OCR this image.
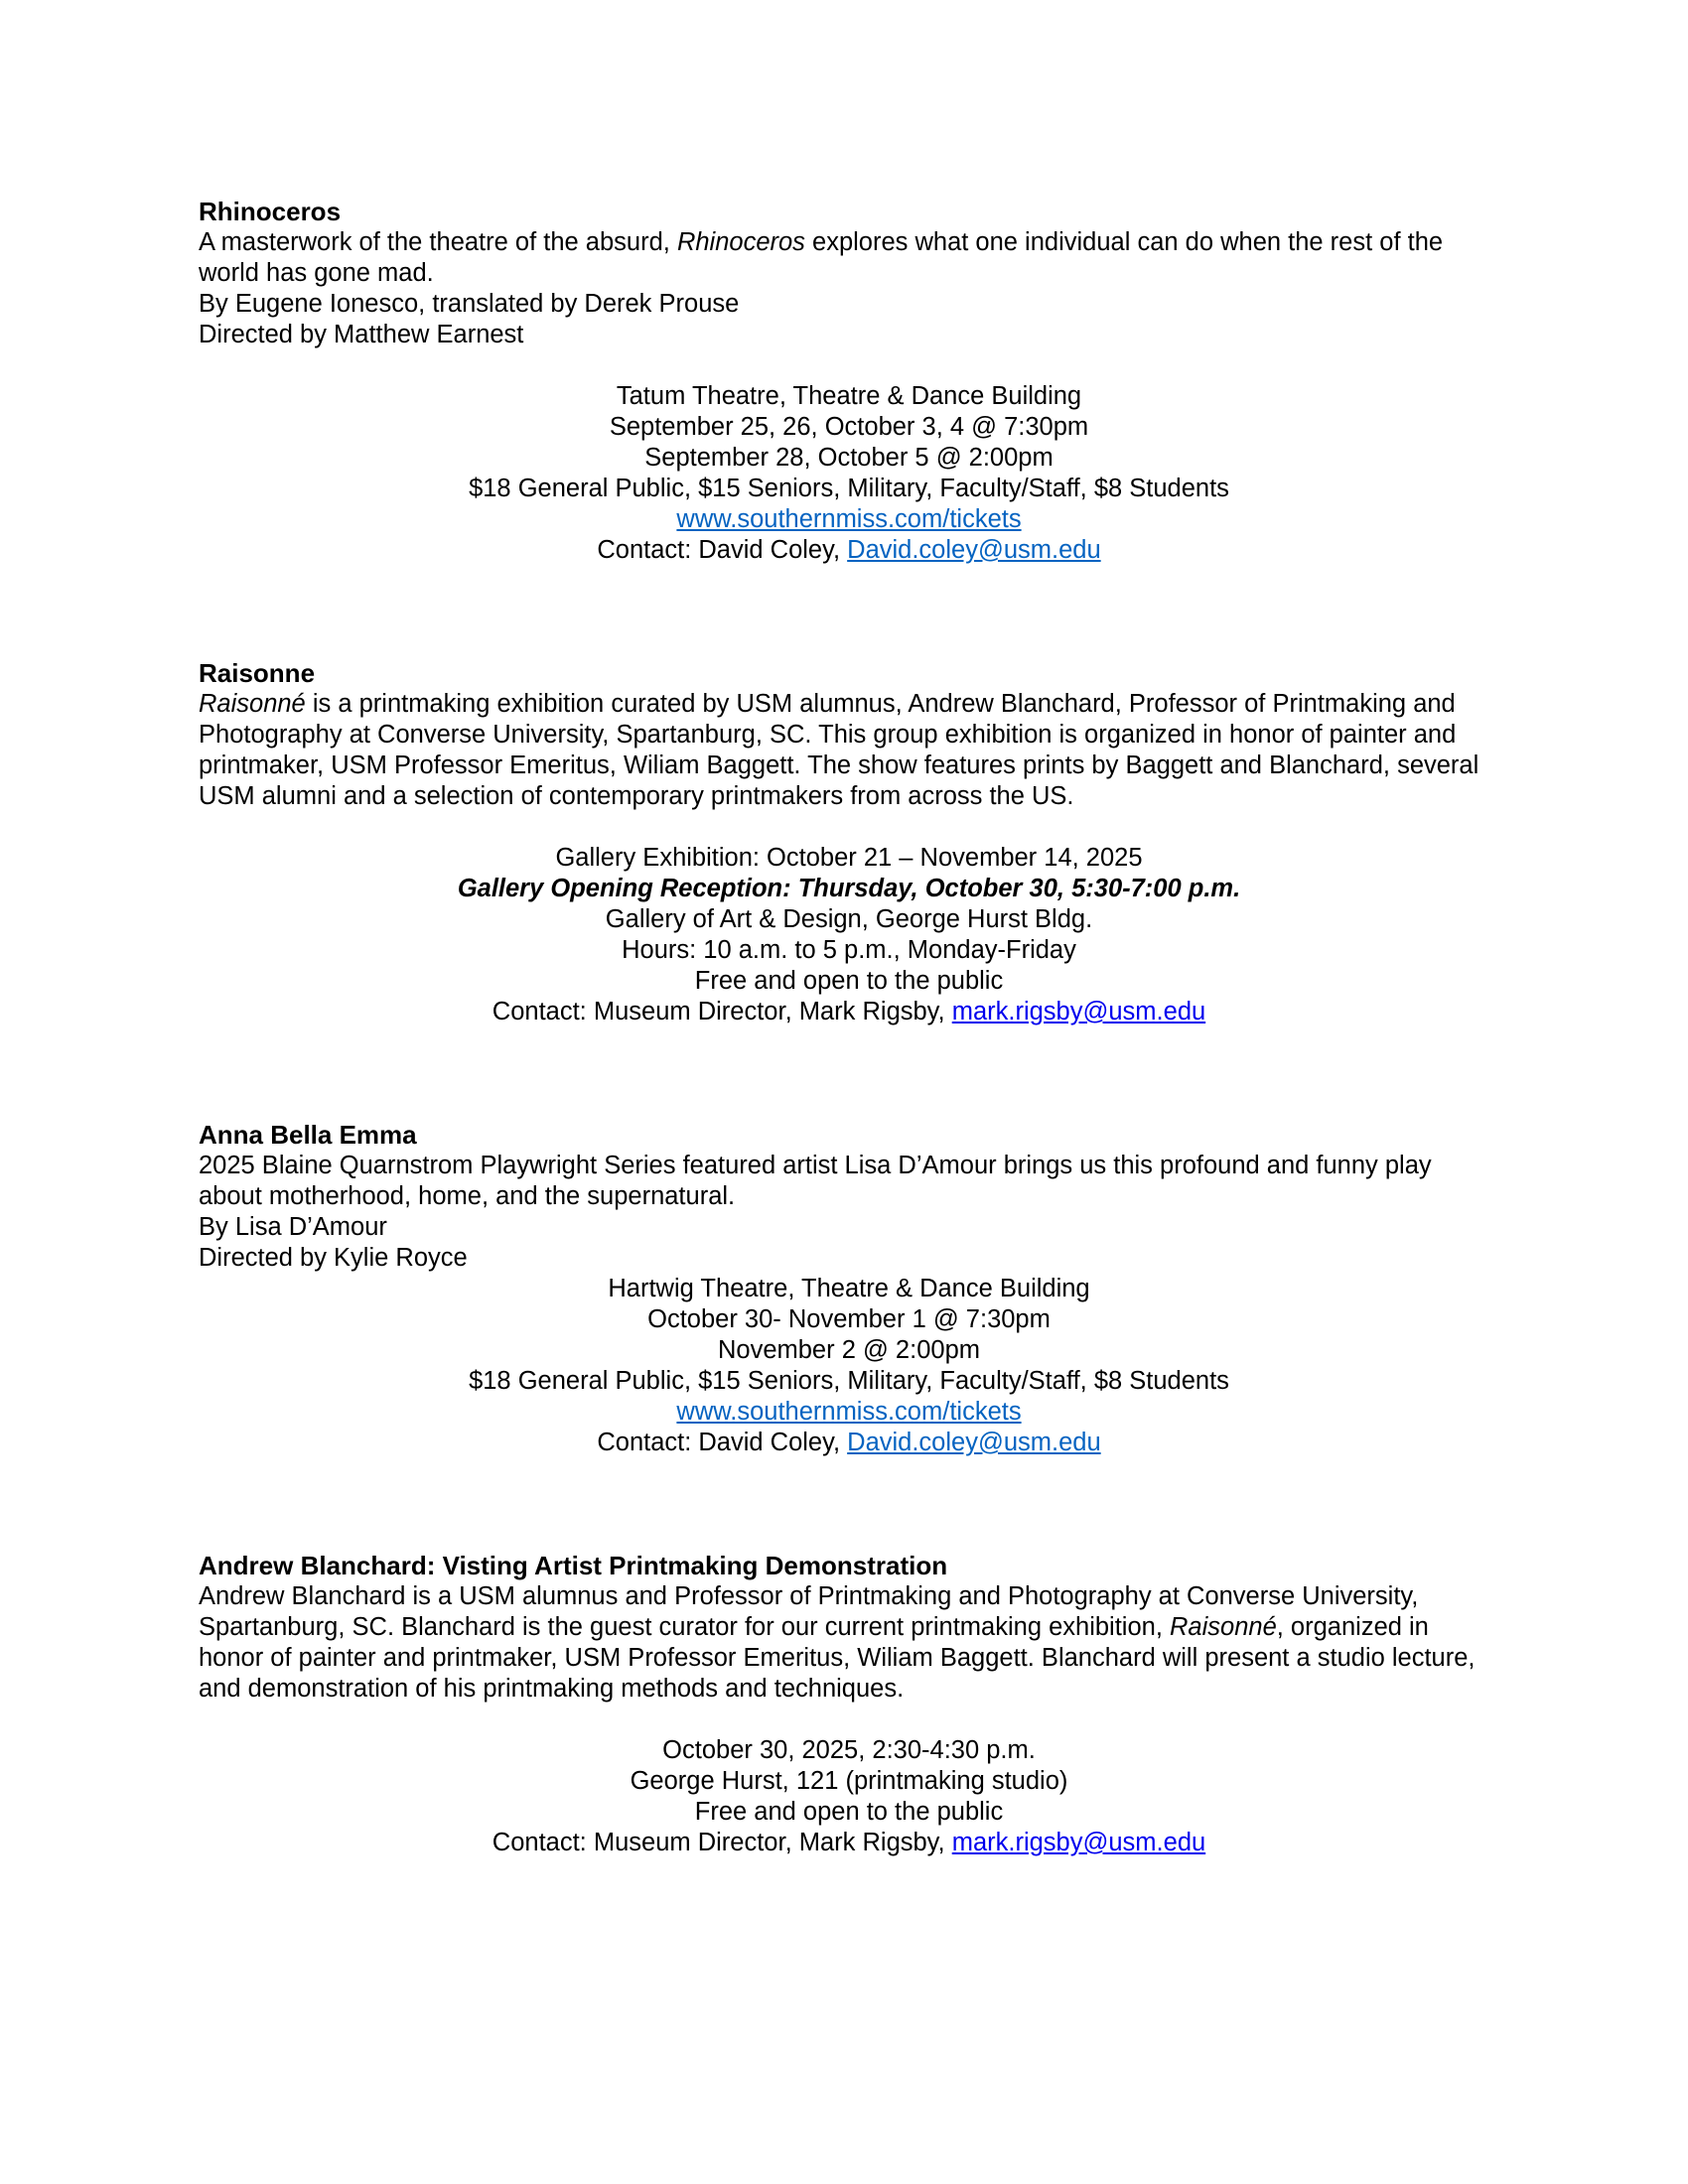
Rhinoceros
A masterwork of the theatre of the absurd, Rhinoceros explores what one individual can do when the rest of the world has gone mad.
By Eugene Ionesco, translated by Derek Prouse
Directed by Matthew Earnest
Tatum Theatre, Theatre & Dance Building
September 25, 26, October 3, 4 @ 7:30pm
September 28, October 5 @ 2:00pm
$18 General Public, $15 Seniors, Military, Faculty/Staff, $8 Students
www.southernmiss.com/tickets
Contact: David Coley, David.coley@usm.edu
Raisonne
Raisonné is a printmaking exhibition curated by USM alumnus, Andrew Blanchard, Professor of Printmaking and Photography at Converse University, Spartanburg, SC. This group exhibition is organized in honor of painter and printmaker, USM Professor Emeritus, Wiliam Baggett. The show features prints by Baggett and Blanchard, several USM alumni and a selection of contemporary printmakers from across the US.
Gallery Exhibition: October 21 – November 14, 2025
Gallery Opening Reception: Thursday, October 30, 5:30-7:00 p.m.
Gallery of Art & Design, George Hurst Bldg.
Hours: 10 a.m. to 5 p.m., Monday-Friday
Free and open to the public
Contact: Museum Director, Mark Rigsby, mark.rigsby@usm.edu
Anna Bella Emma
2025 Blaine Quarnstrom Playwright Series featured artist Lisa D’Amour brings us this profound and funny play about motherhood, home, and the supernatural.
By Lisa D’Amour
Directed by Kylie Royce
Hartwig Theatre, Theatre & Dance Building
October 30- November 1 @ 7:30pm
November 2 @ 2:00pm
$18 General Public, $15 Seniors, Military, Faculty/Staff, $8 Students
www.southernmiss.com/tickets
Contact: David Coley, David.coley@usm.edu
Andrew Blanchard: Visting Artist Printmaking Demonstration
Andrew Blanchard is a USM alumnus and Professor of Printmaking and Photography at Converse University, Spartanburg, SC. Blanchard is the guest curator for our current printmaking exhibition, Raisonné, organized in honor of painter and printmaker, USM Professor Emeritus, Wiliam Baggett. Blanchard will present a studio lecture, and demonstration of his printmaking methods and techniques.
October 30, 2025, 2:30-4:30 p.m.
George Hurst, 121 (printmaking studio)
Free and open to the public
Contact: Museum Director, Mark Rigsby, mark.rigsby@usm.edu
